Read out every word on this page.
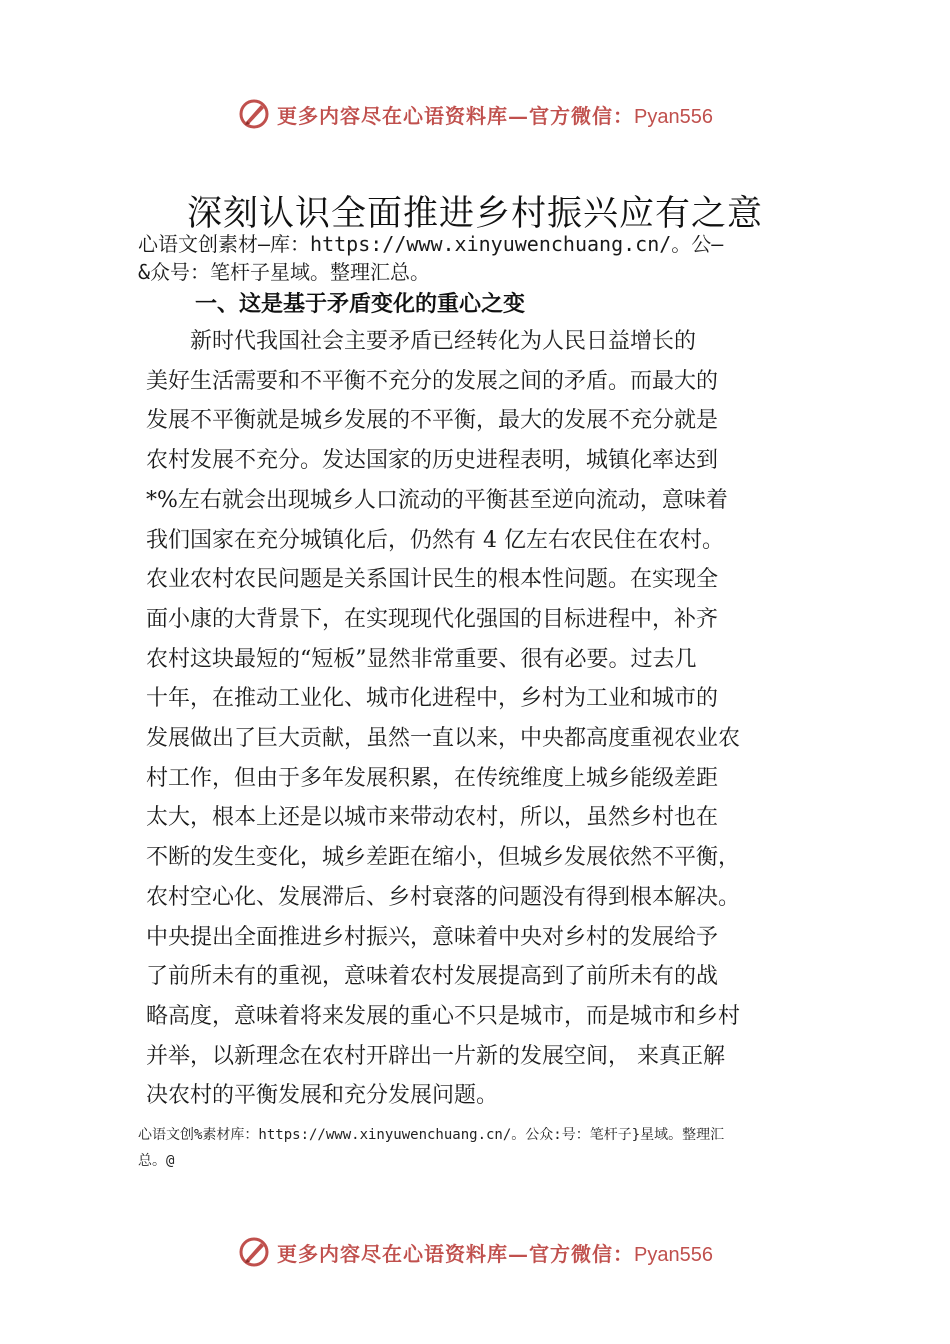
更多内容尽在心语资料库—官方微信：Pyan556
深刻认识全面推进乡村振兴应有之意
心语文创素材—库：https://www.xinyuwenchuang.cn/。公—
&众号：笔杆子星域。整理汇总。
一、这是基于矛盾变化的重心之变
　　新时代我国社会主要矛盾已经转化为人民日益增长的
美好生活需要和不平衡不充分的发展之间的矛盾。而最大的
发展不平衡就是城乡发展的不平衡，最大的发展不充分就是
农村发展不充分。发达国家的历史进程表明，城镇化率达到
*%左右就会出现城乡人口流动的平衡甚至逆向流动，意味着
我们国家在充分城镇化后，仍然有 4 亿左右农民住在农村。
农业农村农民问题是关系国计民生的根本性问题。在实现全
面小康的大背景下，在实现现代化强国的目标进程中，补齐
农村这块最短的“短板”显然非常重要、很有必要。过去几
十年，在推动工业化、城市化进程中，乡村为工业和城市的
发展做出了巨大贡献，虽然一直以来，中央都高度重视农业农
村工作，但由于多年发展积累，在传统维度上城乡能级差距
太大，根本上还是以城市来带动农村，所以，虽然乡村也在
不断的发生变化，城乡差距在缩小，但城乡发展依然不平衡，
农村空心化、发展滞后、乡村衰落的问题没有得到根本解决。
中央提出全面推进乡村振兴，意味着中央对乡村的发展给予
了前所未有的重视，意味着农村发展提高到了前所未有的战
略高度，意味着将来发展的重心不只是城市，而是城市和乡村
并举，以新理念在农村开辟出一片新的发展空间， 来真正解
决农村的平衡发展和充分发展问题。
心语文创%素材库：https://www.xinyuwenchuang.cn/。公众:号：笔杆子}星域。整理汇
总。@
更多内容尽在心语资料库—官方微信：Pyan556
